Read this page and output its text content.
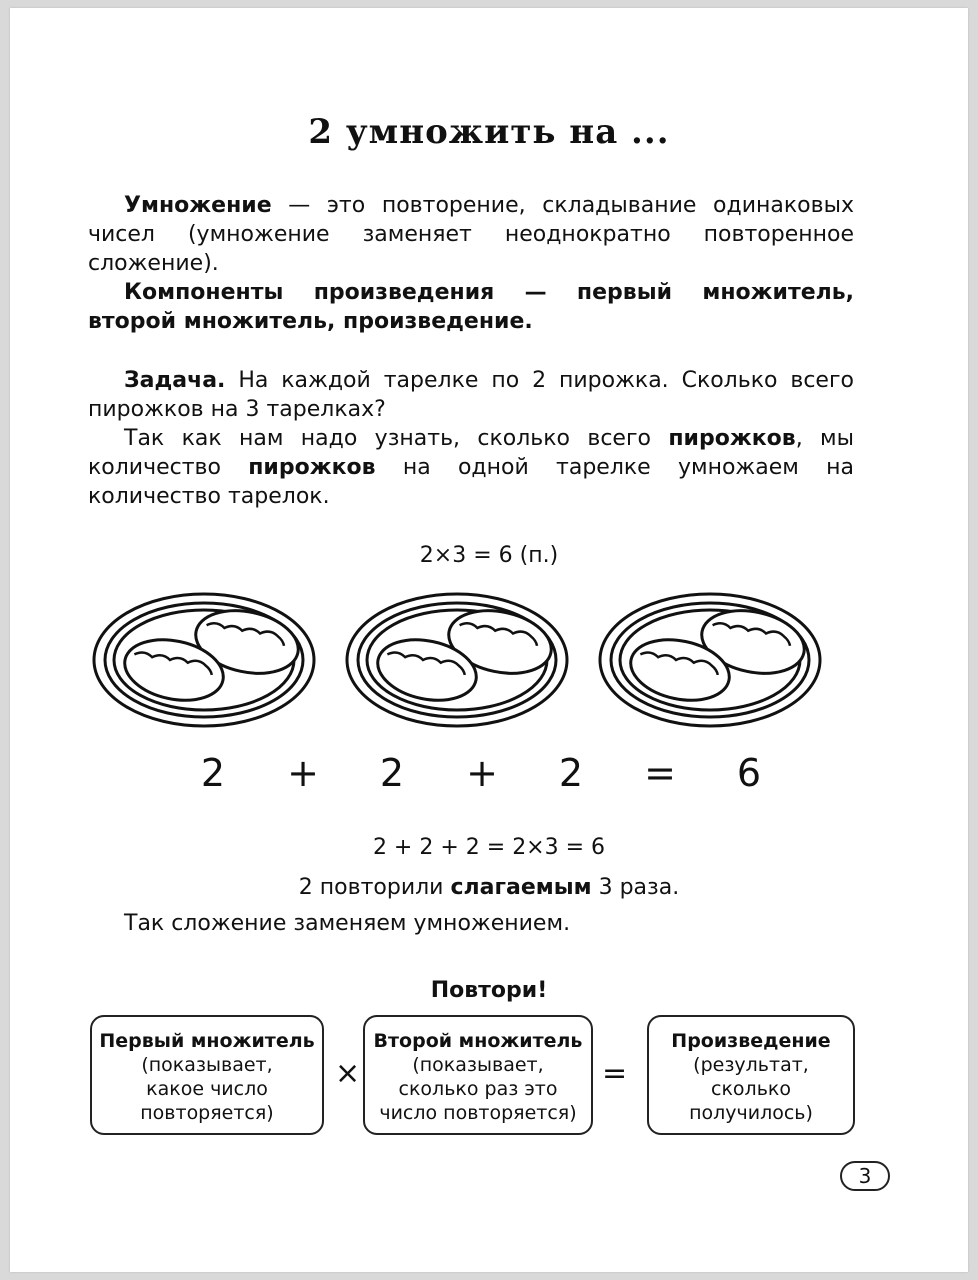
2 умножить на ...

Умножение — это повторение, складывание одинаковых чисел (умножение заменяет неоднократно повторенное сложение).

Компоненты произведения — первый множитель, второй множитель, произведение.

Задача. На каждой тарелке по 2 пирожка. Сколько всего пирожков на 3 тарелках?

Так как нам надо узнать, сколько всего пирожков, мы количество пирожков на одной тарелке умножаем на количество тарелок.

2×3 = 6 (п.)
2 + 2 + 2 = 6
2 + 2 + 2 = 2×3 = 6
2 повторили слагаемым 3 раза.
Так сложение заменяем умножением.
Повтори!
Первый множитель
(показывает, какое число повторяется)
×
Второй множитель
(показывает, сколько раз это число повторяется)
=
Произведение
(результат, сколько получилось)
3
